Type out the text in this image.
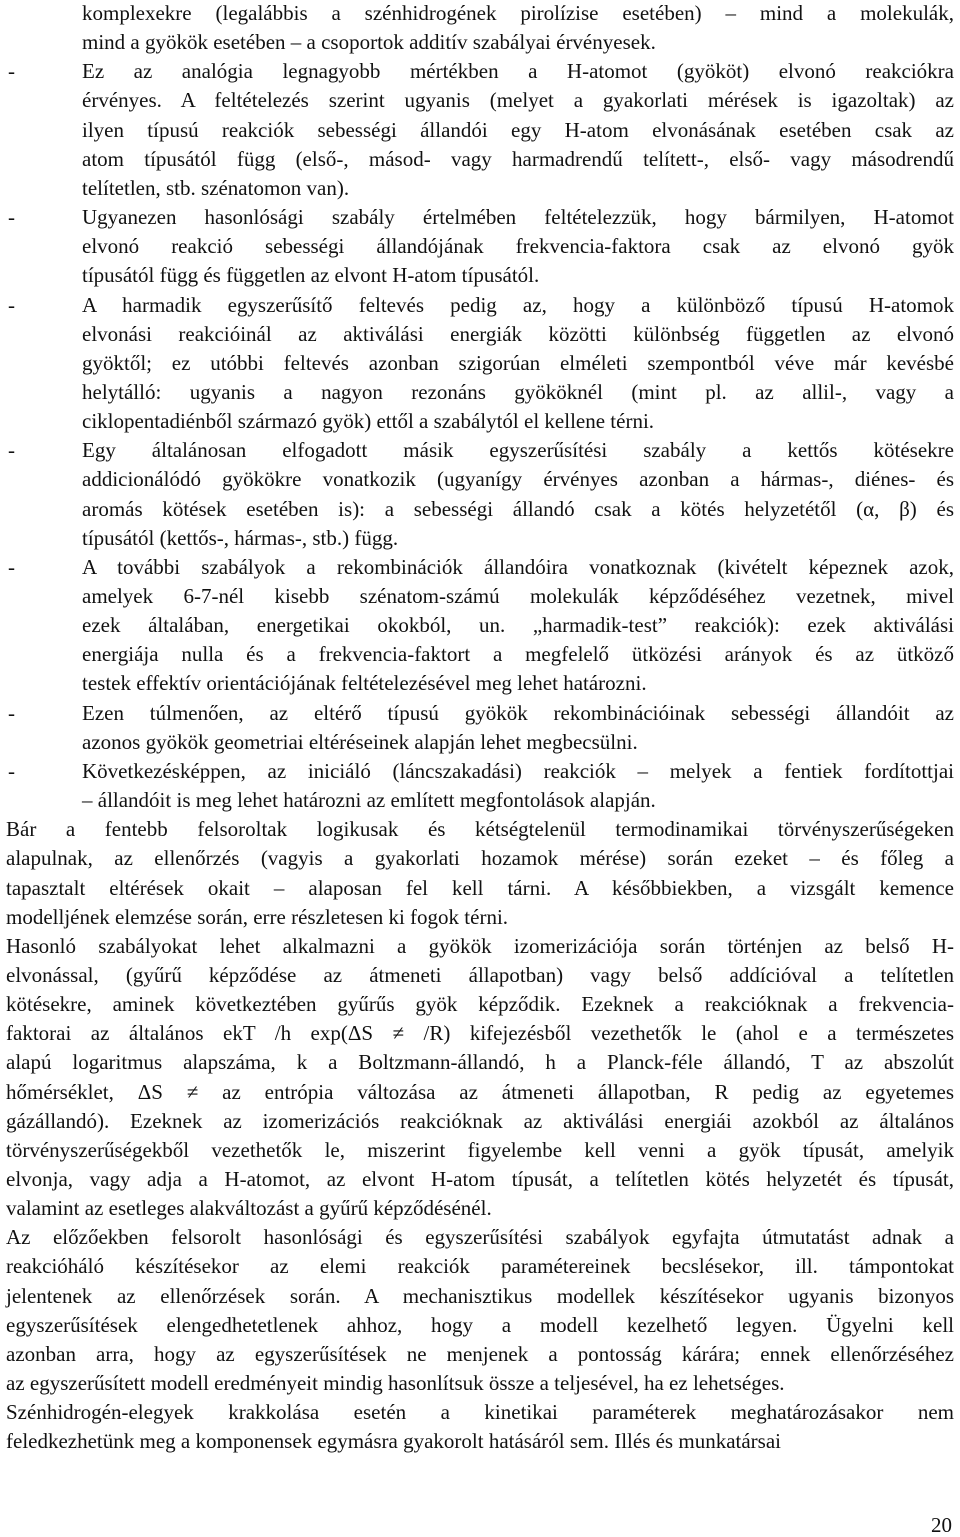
komplexekre (legalábbis a szénhidrogének pirolízise esetében) – mind a molekulák,
mind a gyökök esetében – a csoportok additív szabályai érvényesek.
-	Ez az analógia legnagyobb mértékben a H-atomot (gyököt) elvonó reakciókra
érvényes. A feltételezés szerint ugyanis (melyet a gyakorlati mérések is igazoltak) az
ilyen típusú reakciók sebességi állandói egy H-atom elvonásának esetében csak az
atom típusától függ (első-, másod- vagy harmadrendű telített-, első- vagy másodrendű
telítetlen, stb. szénatomon van).
-	Ugyanezen hasonlósági szabály értelmében feltételezzük, hogy bármilyen, H-atomot
elvonó reakció sebességi állandójának frekvencia-faktora csak az elvonó gyök
típusától függ és független az elvont H-atom típusától.
-	A harmadik egyszerűsítő feltevés pedig az, hogy a különböző típusú H-atomok
elvonási reakcióinál az aktiválási energiák közötti különbség független az elvonó
gyöktől; ez utóbbi feltevés azonban szigorúan elméleti szempontból véve már kevésbé
helytálló: ugyanis a nagyon rezonáns gyököknél (mint pl. az allil-, vagy a
ciklopentadiénből származó gyök) ettől a szabálytól el kellene térni.
-	Egy általánosan elfogadott másik egyszerűsítési szabály a kettős kötésekre
addicionálódó gyökökre vonatkozik (ugyanígy érvényes azonban a hármas-, diénes- és
aromás kötések esetében is): a sebességi állandó csak a kötés helyzetétől (α, β) és
típusától (kettős-, hármas-, stb.) függ.
-	A további szabályok a rekombinációk állandóira vonatkoznak (kivételt képeznek azok,
amelyek 6-7-nél kisebb szénatom-számú molekulák képződéséhez vezetnek, mivel
ezek általában, energetikai okokból, un. „harmadik-test” reakciók): ezek aktiválási
energiája nulla és a frekvencia-faktort a megfelelő ütközési arányok és az ütköző
testek effektív orientációjának feltételezésével meg lehet határozni.
-	Ezen túlmenően, az eltérő típusú gyökök rekombinációinak sebességi állandóit az
azonos gyökök geometriai eltéréseinek alapján lehet megbecsülni.
-	Következésképpen, az iniciáló (láncszakadási) reakciók – melyek a fentiek fordítottjai
– állandóit is meg lehet határozni az említett megfontolások alapján.
Bár a fentebb felsoroltak logikusak és kétségtelenül termodinamikai törvényszerűségeken
alapulnak, az ellenőrzés (vagyis a gyakorlati hozamok mérése) során ezeket – és főleg a
tapasztalt eltérések okait – alaposan fel kell tárni. A későbbiekben, a vizsgált kemence
modelljének elemzése során, erre részletesen ki fogok térni.
Hasonló szabályokat lehet alkalmazni a gyökök izomerizációja során történjen az belső H-
elvonással, (gyűrű képződése az átmeneti állapotban) vagy belső addícióval a telítetlen
kötésekre, aminek következtében gyűrűs gyök képződik. Ezeknek a reakcióknak a frekvencia-
faktorai az általános ekT /h exp(ΔS ≠ /R) kifejezésből vezethetők le (ahol e a természetes
alapú logaritmus alapszáma, k a Boltzmann-állandó, h a Planck-féle állandó, T az abszolút
hőmérséklet, ΔS ≠ az entrópia változása az átmeneti állapotban, R pedig az egyetemes
gázállandó). Ezeknek az izomerizációs reakcióknak az aktiválási energiái azokból az általános
törvényszerűségekből vezethetők le, miszerint figyelembe kell venni a gyök típusát, amelyik
elvonja, vagy adja a H-atomot, az elvont H-atom típusát, a telítetlen kötés helyzetét és típusát,
valamint az esetleges alakváltozást a gyűrű képződésénél.
Az előzőekben felsorolt hasonlósági és egyszerűsítési szabályok egyfajta útmutatást adnak a
reakcióháló készítésekor az elemi reakciók paramétereinek becslésekor, ill. támpontokat
jelentenek az ellenőrzések során. A mechanisztikus modellek készítésekor ugyanis bizonyos
egyszerűsítések elengedhetetlenek ahhoz, hogy a modell kezelhető legyen. Ügyelni kell
azonban arra, hogy az egyszerűsítések ne menjenek a pontosság kárára; ennek ellenőrzéséhez
az egyszerűsített modell eredményeit mindig hasonlítsuk össze a teljesével, ha ez lehetséges.
Szénhidrogén-elegyek krakkolása esetén a kinetikai paraméterek meghatározásakor nem
feledkezhetünk meg a komponensek egymásra gyakorolt hatásáról sem. Illés és munkatársai
20
